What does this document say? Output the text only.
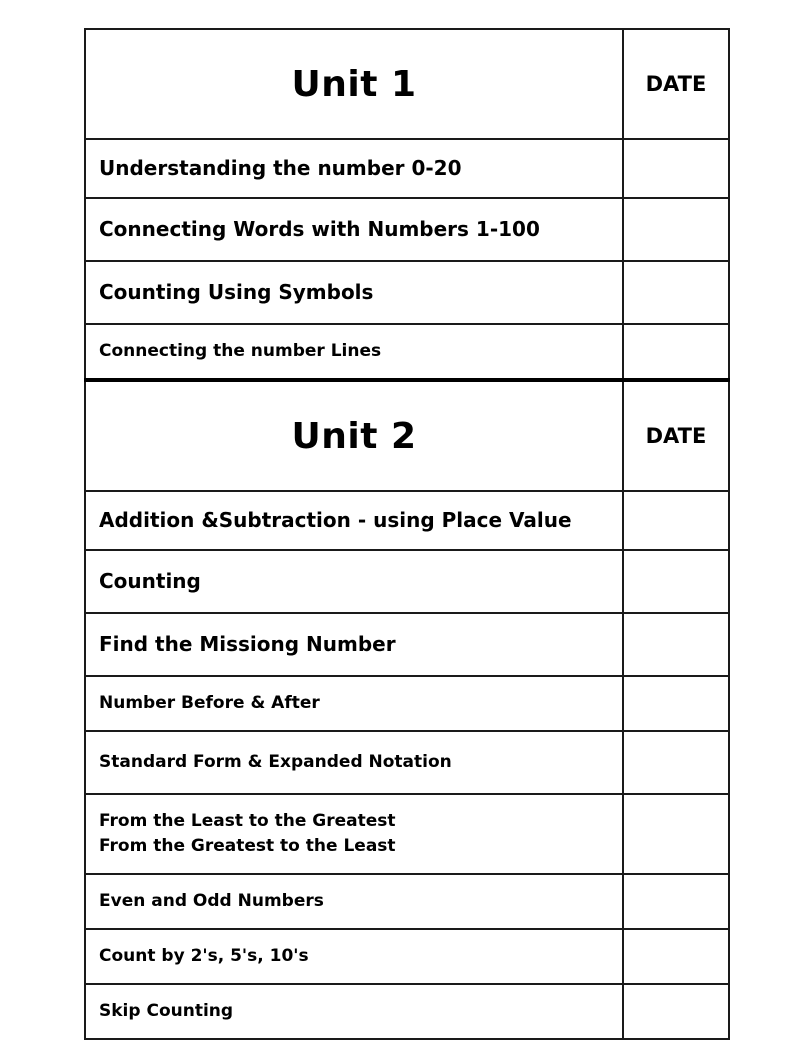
Unit 1	DATE
Understanding the number 0-20	
Connecting Words with Numbers 1-100	
Counting Using Symbols	
Connecting the number Lines	
Unit 2	DATE
Addition &Subtraction - using Place Value	
Counting	
Find the Missiong Number	
Number Before & After	
Standard Form & Expanded Notation	

From the Least to the Greatest
From the Greatest to the Least	

Even and Odd Numbers	
Count by 2's, 5's, 10's	
Skip Counting	
